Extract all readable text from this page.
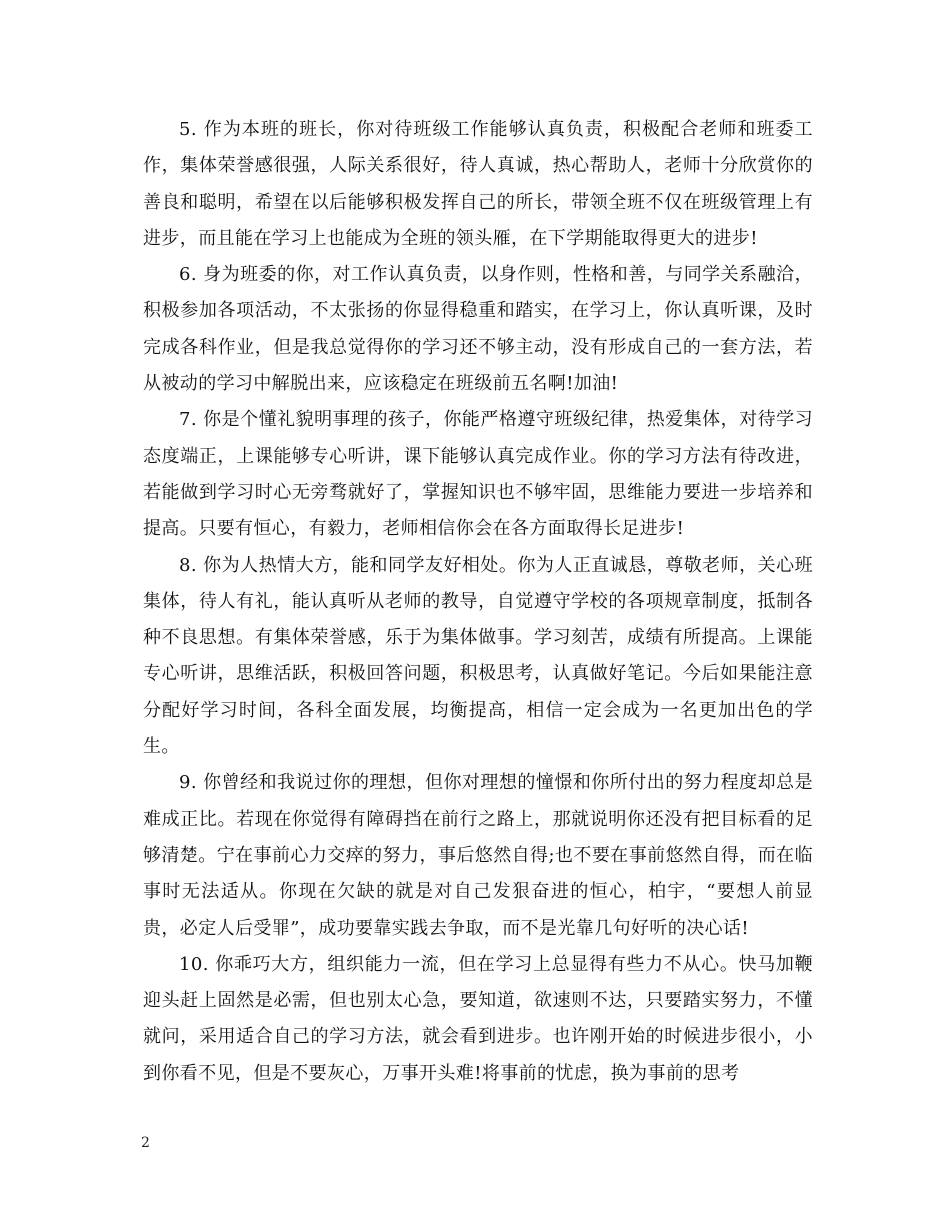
5. 作为本班的班长，你对待班级工作能够认真负责，积极配合老师和班委工作，集体荣誉感很强，人际关系很好，待人真诚，热心帮助人，老师十分欣赏你的善良和聪明，希望在以后能够积极发挥自己的所长，带领全班不仅在班级管理上有进步，而且能在学习上也能成为全班的领头雁，在下学期能取得更大的进步!

6. 身为班委的你，对工作认真负责，以身作则，性格和善，与同学关系融洽，积极参加各项活动，不太张扬的你显得稳重和踏实，在学习上，你认真听课，及时完成各科作业，但是我总觉得你的学习还不够主动，没有形成自己的一套方法，若从被动的学习中解脱出来，应该稳定在班级前五名啊!加油!

7. 你是个懂礼貌明事理的孩子，你能严格遵守班级纪律，热爱集体，对待学习态度端正，上课能够专心听讲，课下能够认真完成作业。你的学习方法有待改进，若能做到学习时心无旁骛就好了，掌握知识也不够牢固，思维能力要进一步培养和提高。只要有恒心，有毅力，老师相信你会在各方面取得长足进步!

8. 你为人热情大方，能和同学友好相处。你为人正直诚恳，尊敬老师，关心班集体，待人有礼，能认真听从老师的教导，自觉遵守学校的各项规章制度，抵制各种不良思想。有集体荣誉感，乐于为集体做事。学习刻苦，成绩有所提高。上课能专心听讲，思维活跃，积极回答问题，积极思考，认真做好笔记。今后如果能注意分配好学习时间，各科全面发展，均衡提高，相信一定会成为一名更加出色的学生。

9. 你曾经和我说过你的理想，但你对理想的憧憬和你所付出的努力程度却总是难成正比。若现在你觉得有障碍挡在前行之路上，那就说明你还没有把目标看的足够清楚。宁在事前心力交瘁的努力，事后悠然自得;也不要在事前悠然自得，而在临事时无法适从。你现在欠缺的就是对自己发狠奋进的恒心，柏宇，“要想人前显贵，必定人后受罪”，成功要靠实践去争取，而不是光靠几句好听的决心话!

10. 你乖巧大方，组织能力一流，但在学习上总显得有些力不从心。快马加鞭迎头赶上固然是必需，但也别太心急，要知道，欲速则不达，只要踏实努力，不懂就问，采用适合自己的学习方法，就会看到进步。也许刚开始的时候进步很小，小到你看不见，但是不要灰心，万事开头难!将事前的忧虑，换为事前的思考

2
